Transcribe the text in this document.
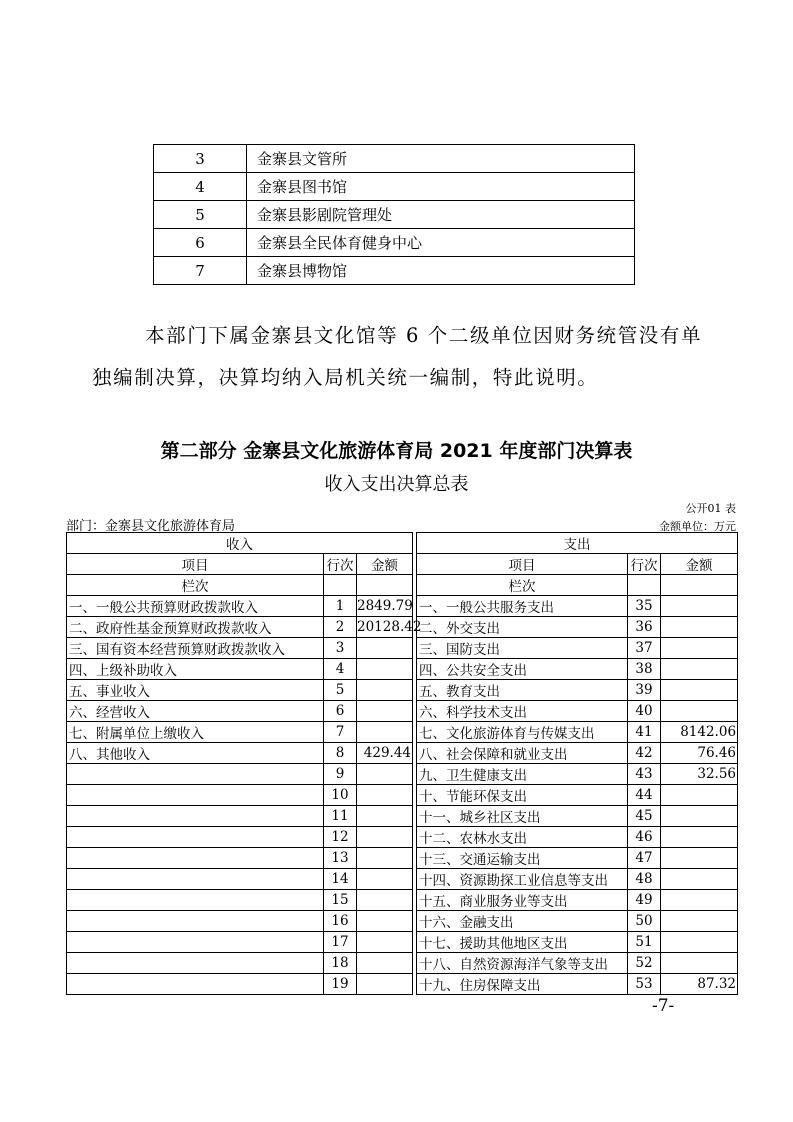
3	金寨县文管所
4	金寨县图书馆
5	金寨县影剧院管理处
6	金寨县全民体育健身中心
7	金寨县博物馆
本部门下属金寨县文化馆等 6 个二级单位因财务统管没有单
独编制决算，决算均纳入局机关统一编制，特此说明。
第二部分 金寨县文化旅游体育局 2021 年度部门决算表
收入支出决算总表
公开01 表
部门：金寨县文化旅游体育局	金额单位：万元
收入				支出		
项目	行次	金额		项目	行次	金额
栏次				栏次		
一、一般公共预算财政拨款收入	1	2849.79		一、一般公共服务支出	35	
二、政府性基金预算财政拨款收入	2	20128.42		二、外交支出	36	
三、国有资本经营预算财政拨款收入	3			三、国防支出	37	
四、上级补助收入	4			四、公共安全支出	38	
五、事业收入	5			五、教育支出	39	
六、经营收入	6			六、科学技术支出	40	
七、附属单位上缴收入	7			七、文化旅游体育与传媒支出	41	8142.06
八、其他收入	8	429.44		八、社会保障和就业支出	42	76.46
	9			九、卫生健康支出	43	32.56
	10			十、节能环保支出	44	
	11			十一、城乡社区支出	45	
	12			十二、农林水支出	46	
	13			十三、交通运输支出	47	
	14			十四、资源勘探工业信息等支出	48	
	15			十五、商业服务业等支出	49	
	16			十六、金融支出	50	
	17			十七、援助其他地区支出	51	
	18			十八、自然资源海洋气象等支出	52	
	19			十九、住房保障支出	53	87.32
-7-
